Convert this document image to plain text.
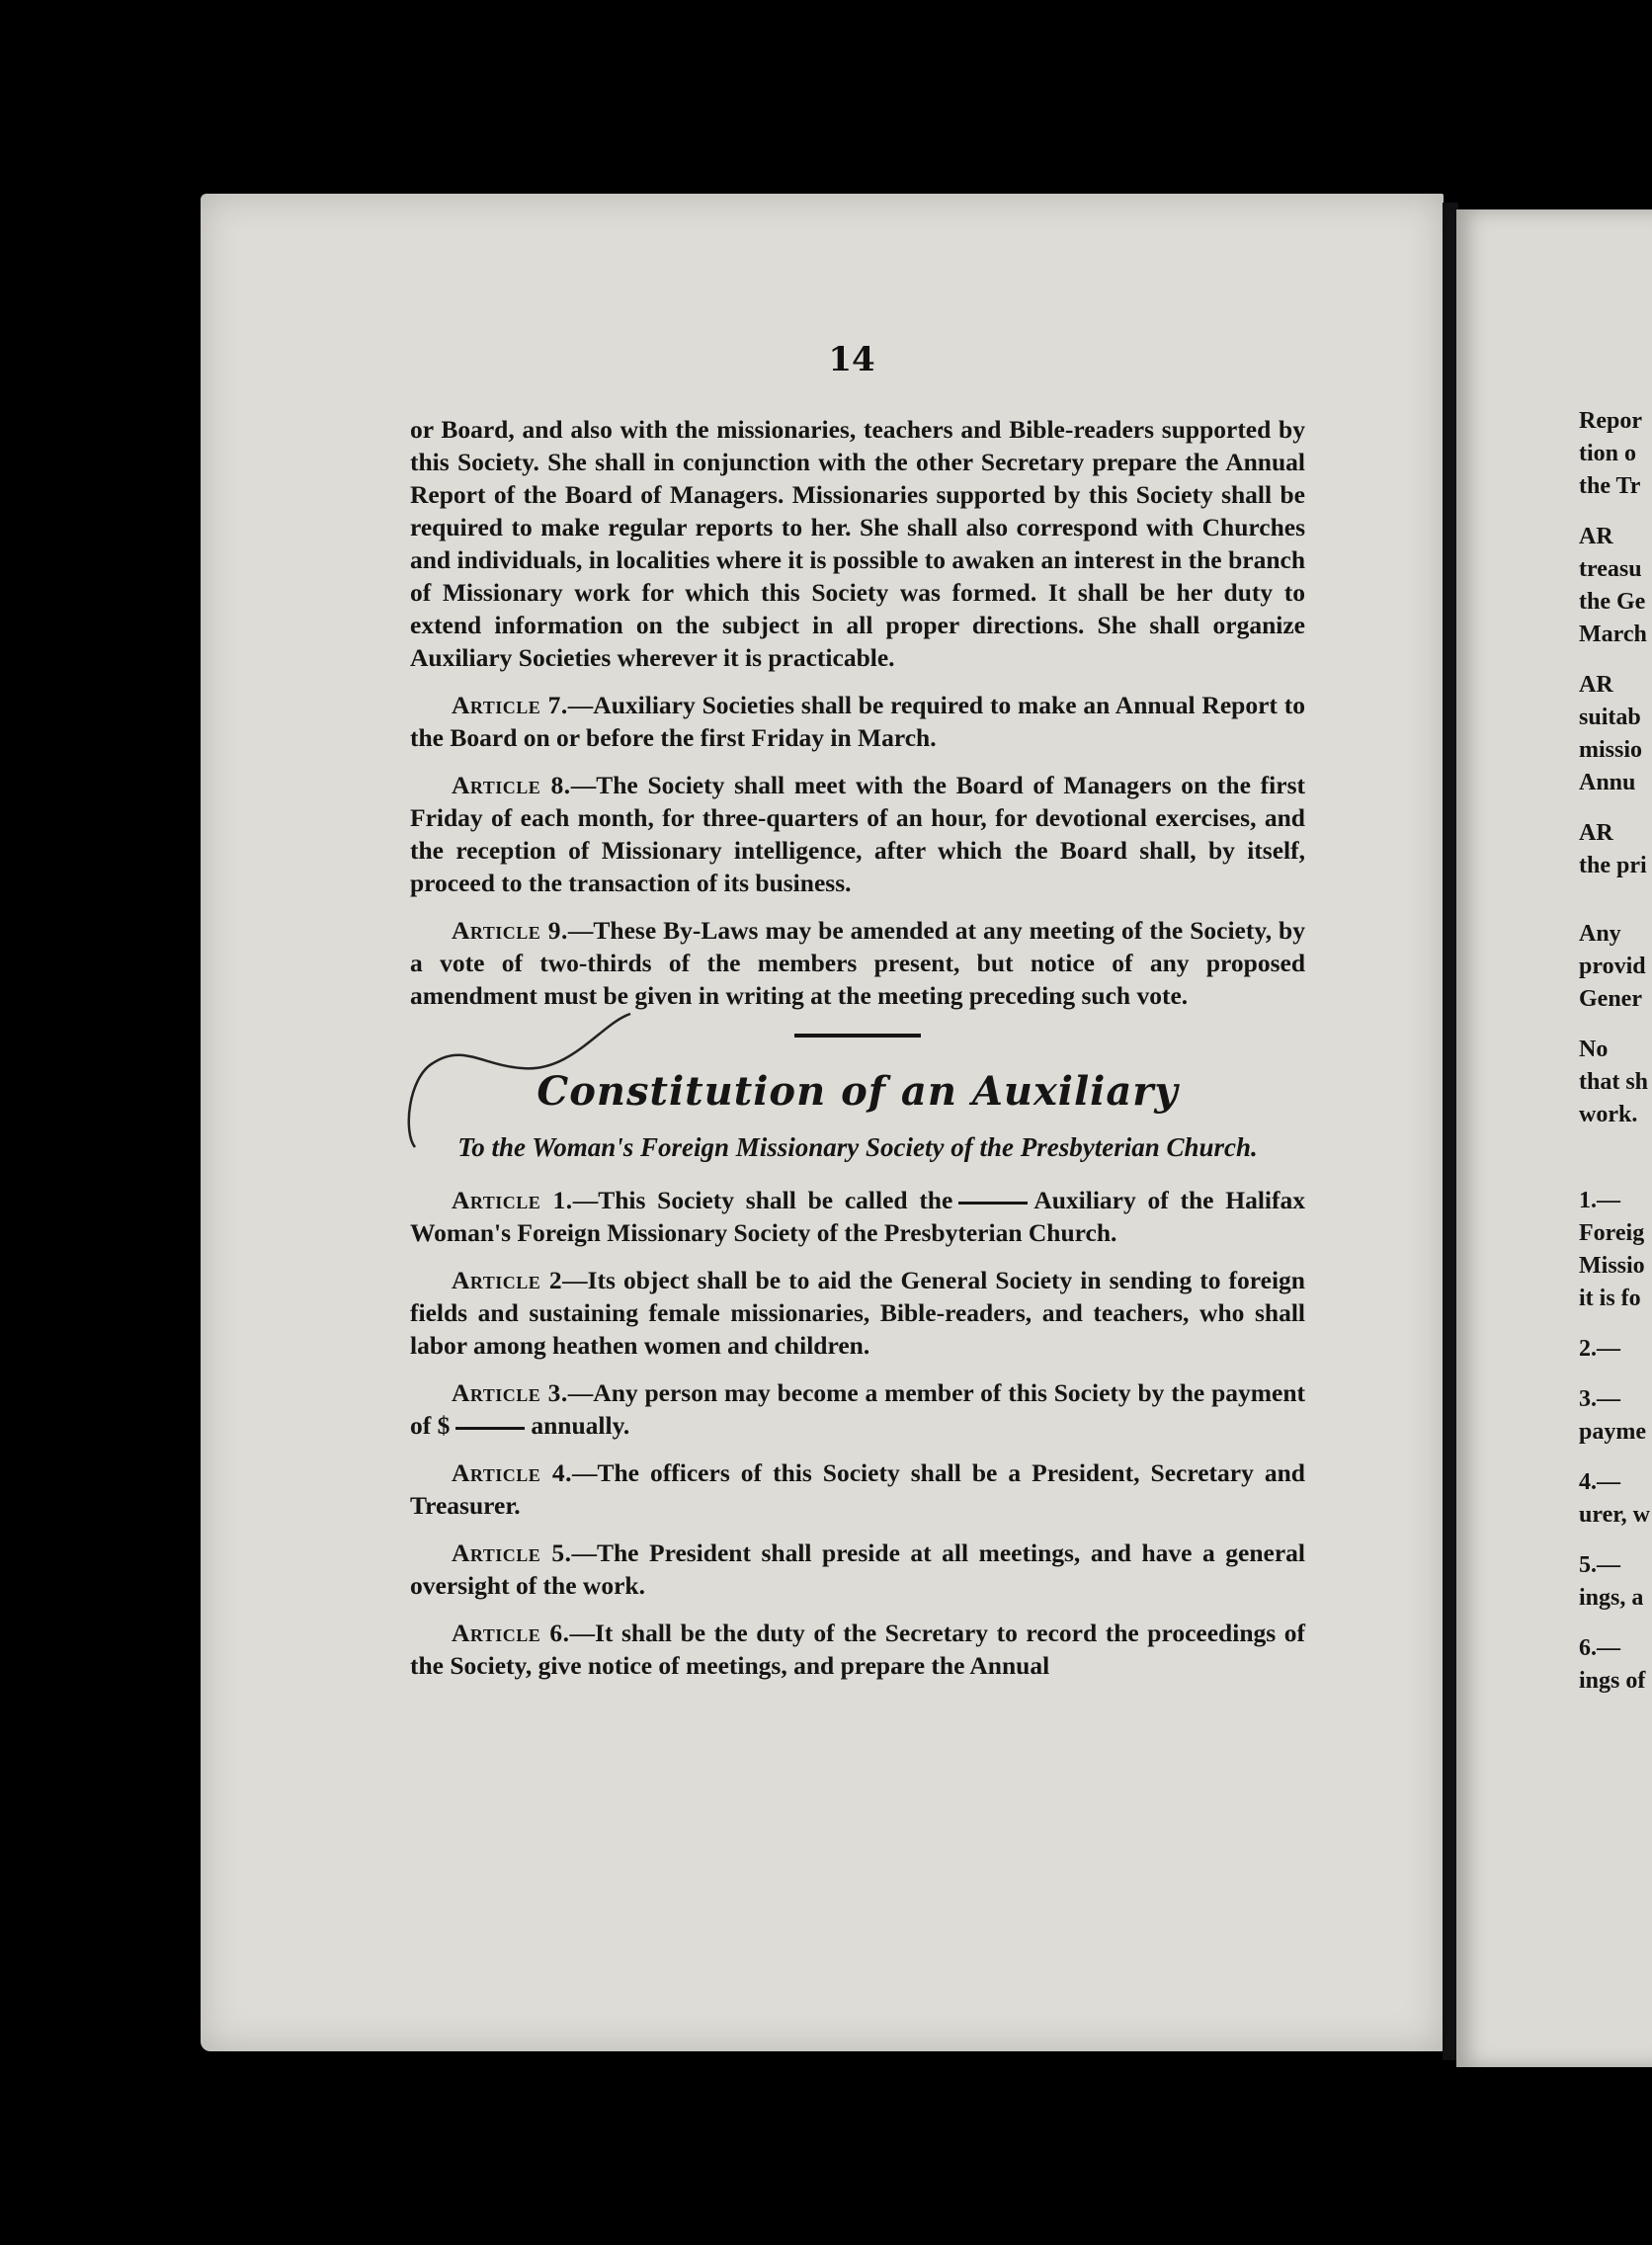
14

or Board, and also with the missionaries, teachers and Bible-readers supported by this Society. She shall in conjunction with the other Secretary prepare the Annual Report of the Board of Managers. Missionaries supported by this Society shall be required to make regular reports to her. She shall also correspond with Churches and individuals, in localities where it is possible to awaken an interest in the branch of Missionary work for which this Society was formed. It shall be her duty to extend information on the subject in all proper directions. She shall organize Auxiliary Societies wherever it is practicable.

Article 7.—Auxiliary Societies shall be required to make an Annual Report to the Board on or before the first Friday in March.

Article 8.—The Society shall meet with the Board of Managers on the first Friday of each month, for three-quarters of an hour, for devotional exercises, and the reception of Missionary intelligence, after which the Board shall, by itself, proceed to the transaction of its business.

Article 9.—These By-Laws may be amended at any meeting of the Society, by a vote of two-thirds of the members present, but notice of any proposed amendment must be given in writing at the meeting preceding such vote.

Constitution of an Auxiliary
To the Woman's Foreign Missionary Society of the Presbyterian Church.

Article 1.—This Society shall be called the	Auxiliary of the Halifax Woman's Foreign Missionary Society of the Presbyterian Church.

Article 2—Its object shall be to aid the General Society in sending to foreign fields and sustaining female missionaries, Bible-readers, and teachers, who shall labor among heathen women and children.

Article 3.—Any person may become a member of this Society by the payment of $	annually.

Article 4.—The officers of this Society shall be a President, Secretary and Treasurer.

Article 5.—The President shall preside at all meetings, and have a general oversight of the work.

Article 6.—It shall be the duty of the Secretary to record the proceedings of the Society, give notice of meetings, and prepare the Annual

Repor
tion o
the Tr
AR
treasu
the Ge
March
AR
suitab
missio
Annu
AR
the pri
Any
provid
Gener
No
that sh
work.
1.—
Foreig
Missio
it is fo
2.—
3.—
payme
4.—
urer, w
5.—
ings, a
6.—
ings of
